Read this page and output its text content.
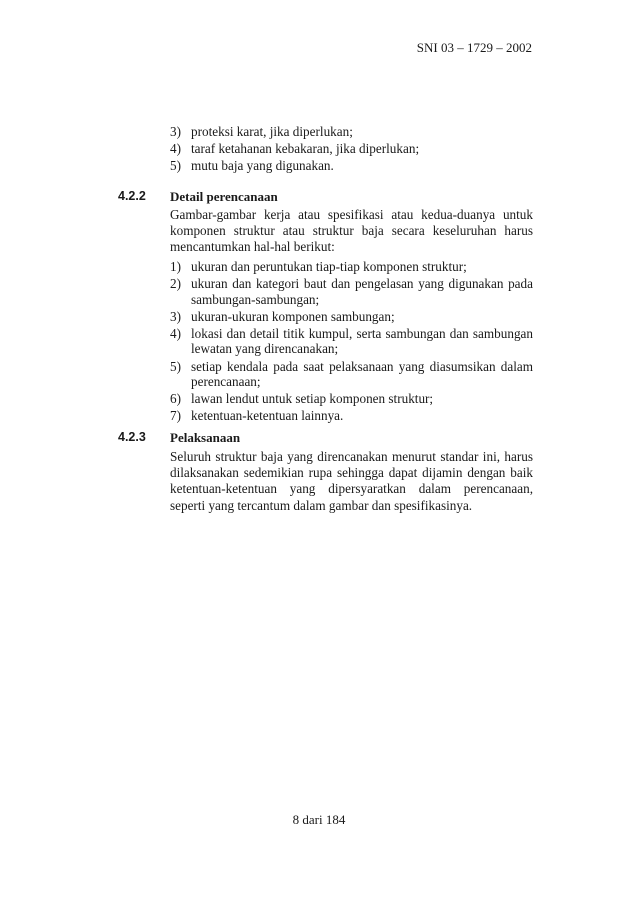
SNI 03 – 1729 – 2002
3) proteksi karat, jika diperlukan;
4) taraf ketahanan kebakaran, jika diperlukan;
5) mutu baja yang digunakan.
4.2.2 Detail perencanaan

Gambar-gambar kerja atau spesifikasi atau kedua-duanya untuk komponen struktur atau struktur baja secara keseluruhan harus mencantumkan hal-hal berikut:

1) ukuran dan peruntukan tiap-tiap komponen struktur;
2) ukuran dan kategori baut dan pengelasan yang digunakan pada sambungan-sambungan;
3) ukuran-ukuran komponen sambungan;
4) lokasi dan detail titik kumpul, serta sambungan dan sambungan lewatan yang direncanakan;
5) setiap kendala pada saat pelaksanaan yang diasumsikan dalam perencanaan;
6) lawan lendut untuk setiap komponen struktur;
7) ketentuan-ketentuan lainnya.
4.2.3 Pelaksanaan

Seluruh struktur baja yang direncanakan menurut standar ini, harus dilaksanakan sedemikian rupa sehingga dapat dijamin dengan baik ketentuan-ketentuan yang dipersyaratkan dalam perencanaan, seperti yang tercantum dalam gambar dan spesifikasinya.

8 dari 184
